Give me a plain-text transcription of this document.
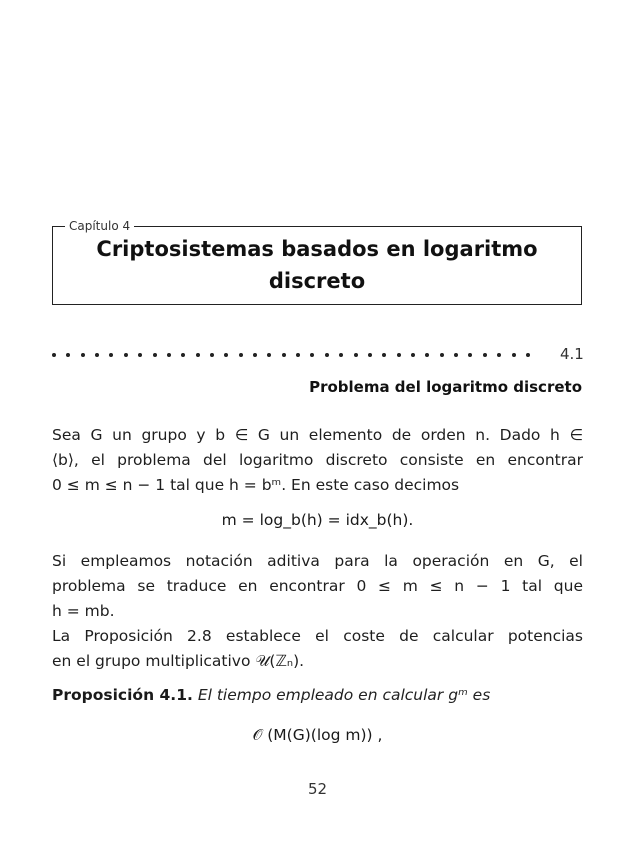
Capítulo 4
Criptosistemas basados en logaritmo
discreto
4.1
Problema del logaritmo discreto
Sea G un grupo y b ∈ G un elemento de orden n. Dado h ∈
⟨b⟩, el problema del logaritmo discreto consiste en encontrar
0 ≤ m ≤ n − 1 tal que h = bᵐ. En este caso decimos
m = log_b(h) = idx_b(h).
Si empleamos notación aditiva para la operación en G, el
problema se traduce en encontrar 0 ≤ m ≤ n − 1 tal que
h = mb.
La Proposición 2.8 establece el coste de calcular potencias
en el grupo multiplicativo 𝒰(ℤₙ).
Proposición 4.1. El tiempo empleado en calcular gᵐ es
𝒪 (M(G)(log m)) ,
52
